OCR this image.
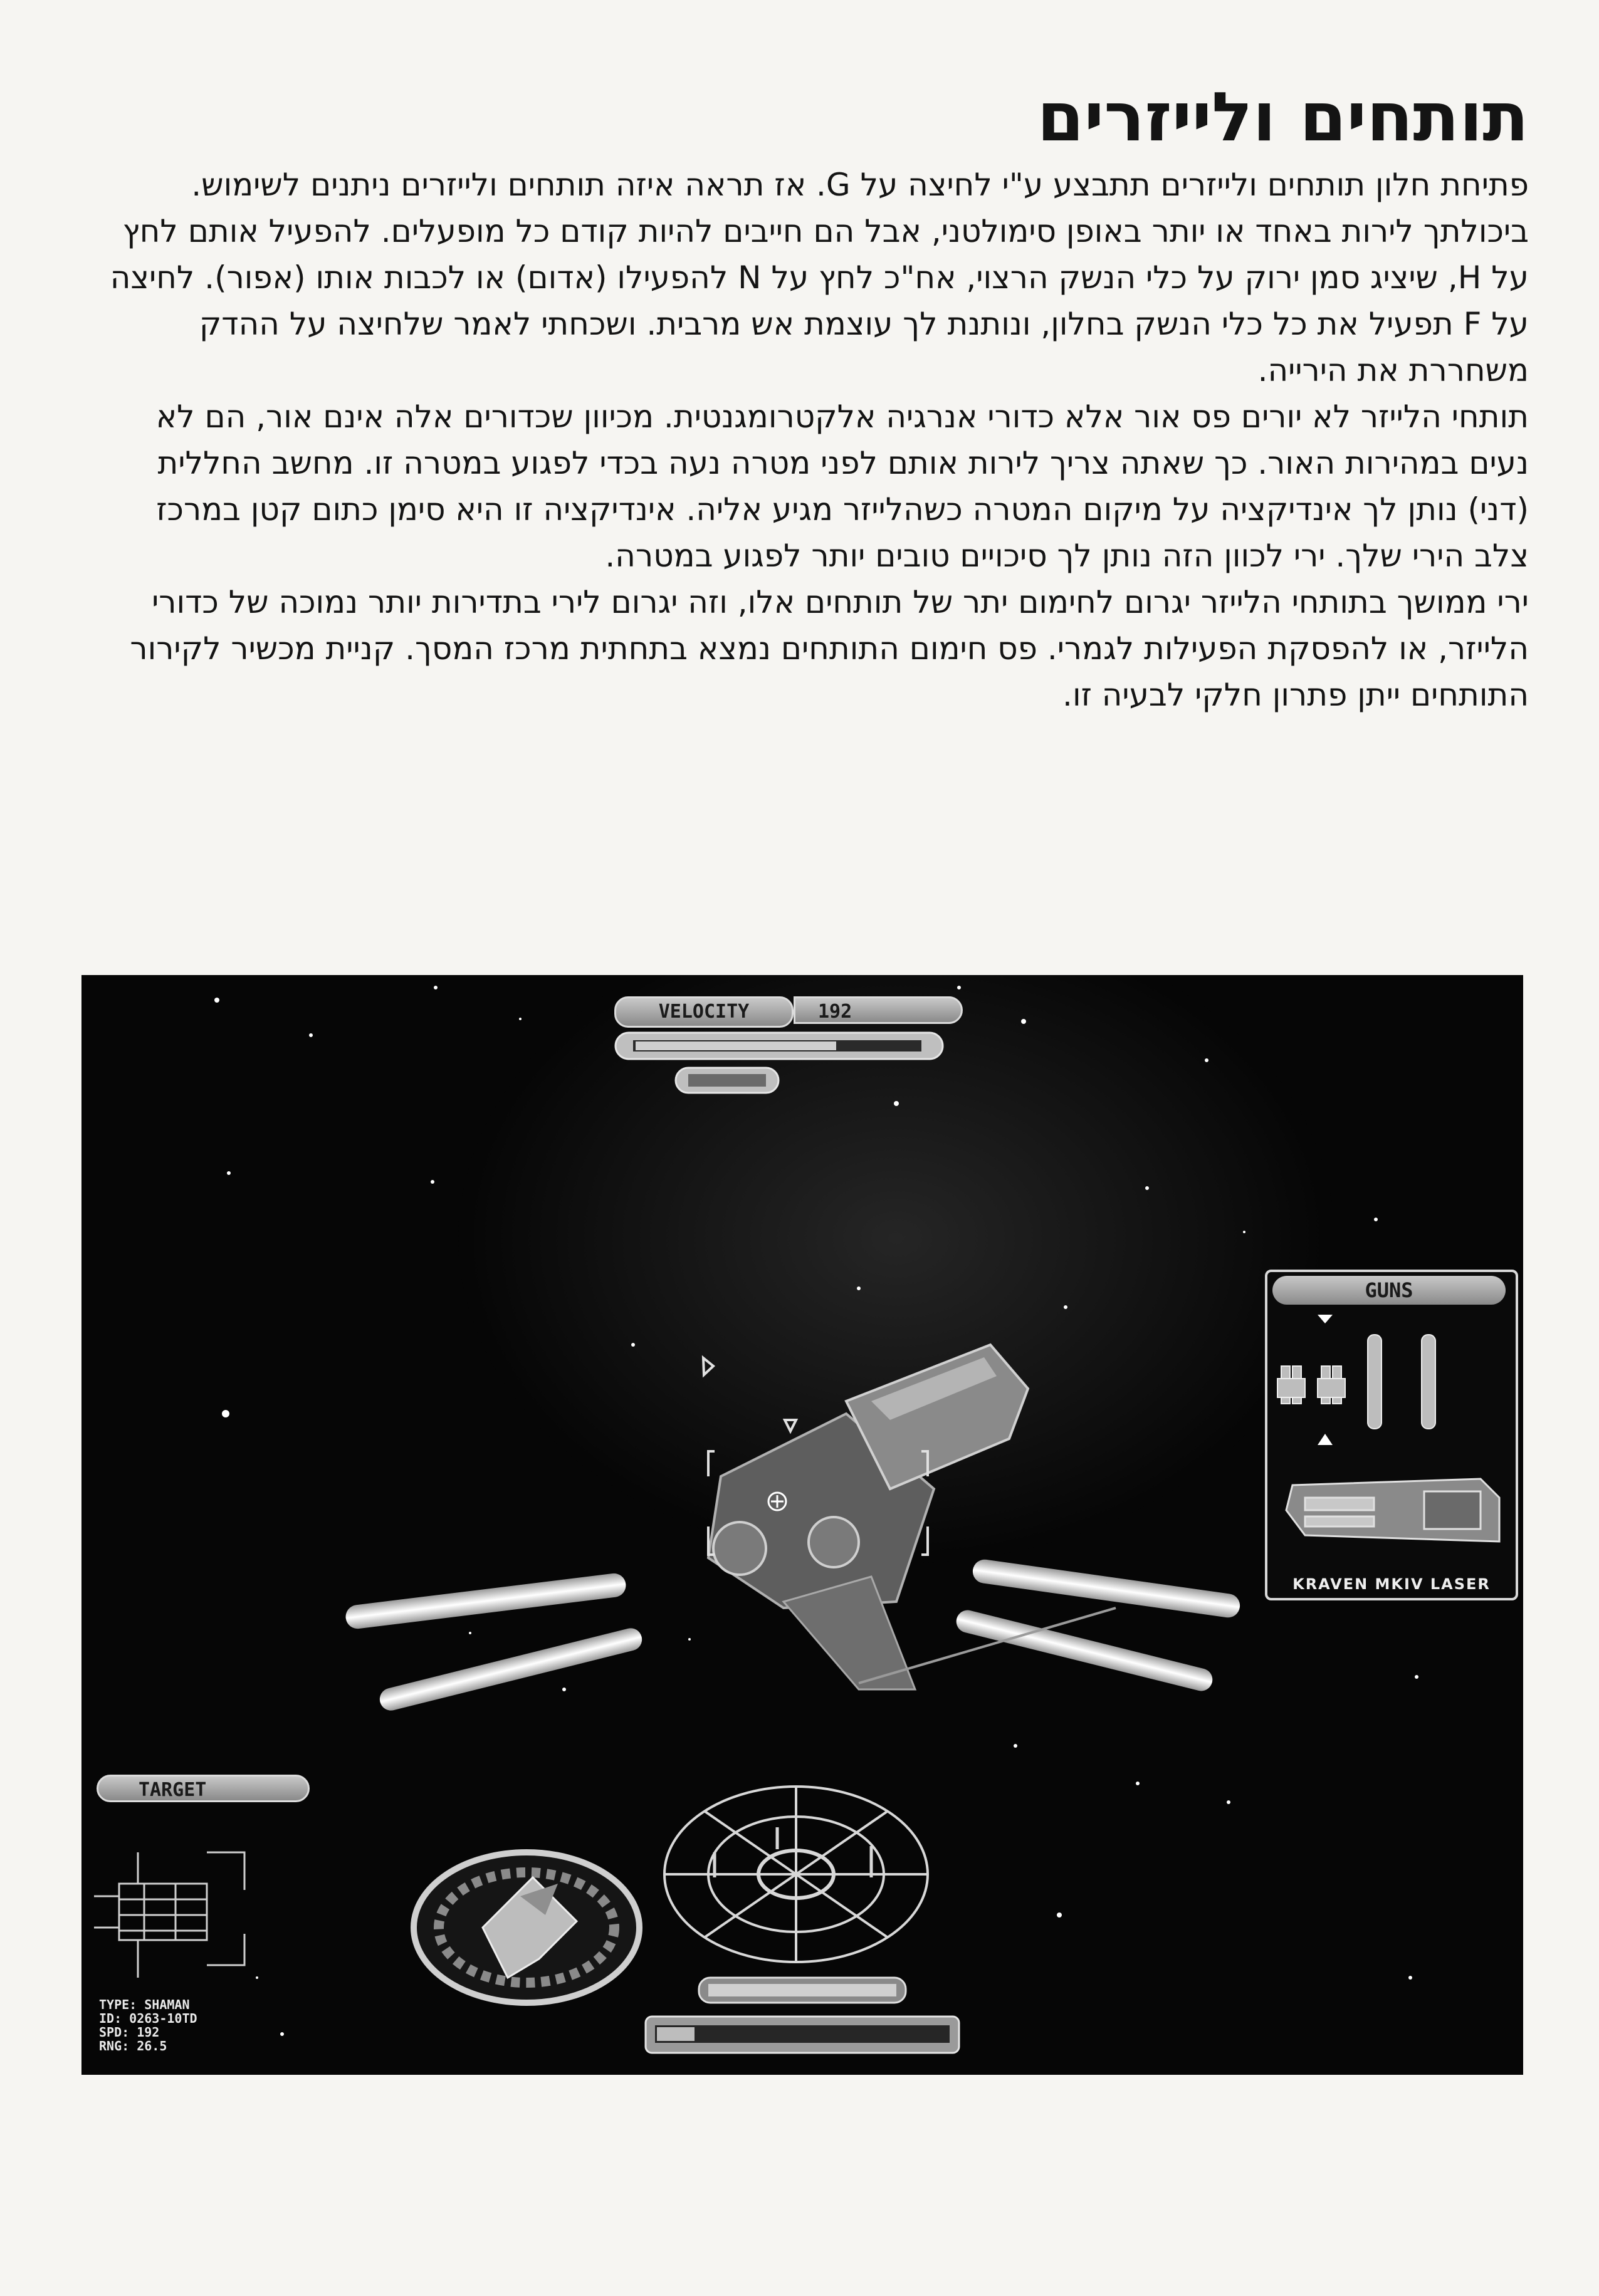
תותחים ולייזרים

פתיחת חלון תותחים ולייזרים תתבצע ע"י לחיצה על G. אז תראה איזה תותחים ולייזרים ניתנים לשימוש. ביכולתך לירות באחד או יותר באופן סימולטני, אבל הם חייבים להיות קודם כל מופעלים. להפעיל אותם לחץ על H, שיציג סמן ירוק על כלי הנשק הרצוי, אח"כ לחץ על N להפעילו (אדום) או לכבות אותו (אפור). לחיצה על F תפעיל את כל כלי הנשק בחלון, ונותנת לך עוצמת אש מרבית. ושכחתי לאמר שלחיצה על ההדק משחררת את הירייה.

תותחי הלייזר לא יורים פס אור אלא כדורי אנרגיה אלקטרומגנטית. מכיוון שכדורים אלה אינם אור, הם לא נעים במהירות האור. כך שאתה צריך לירות אותם לפני מטרה נעה בכדי לפגוע במטרה זו. מחשב החללית (דני) נותן לך אינדיקציה על מיקום המטרה כשהלייזר מגיע אליה. אינדיקציה זו היא סימן כתום קטן במרכז צלב הירי שלך. ירי לכוון הזה נותן לך סיכויים טובים יותר לפגוע במטרה.

ירי ממושך בתותחי הלייזר יגרום לחימום יתר של תותחים אלו, וזה יגרום לירי בתדירות יותר נמוכה של כדורי הלייזר, או להפסקת הפעילות לגמרי. פס חימום התותחים נמצא בתחתית מרכז המסך. קניית מכשיר לקירור התותחים ייתן פתרון חלקי לבעיה זו.

VELOCITY	192
GUNS
KRAVEN MKIV LASER
TARGET
TYPE: SHAMAN
ID: 0263-10TD
SPD: 192
RNG: 26.5
